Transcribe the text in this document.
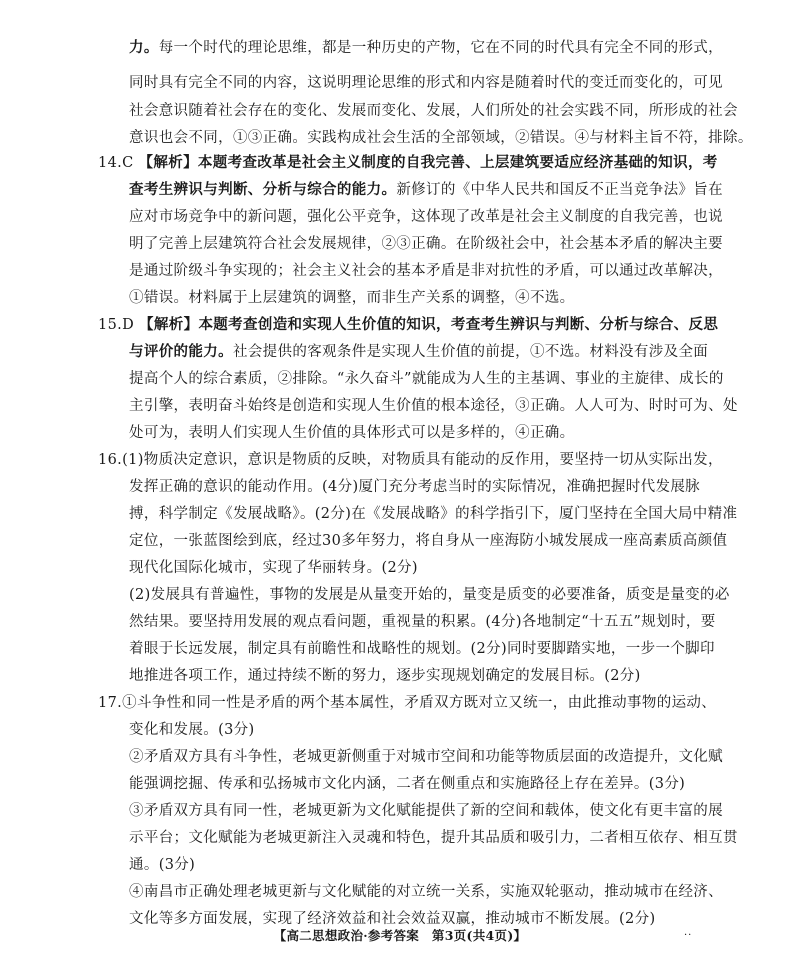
力。每一个时代的理论思维，都是一种历史的产物，它在不同的时代具有完全不同的形式，
同时具有完全不同的内容，这说明理论思维的形式和内容是随着时代的变迁而变化的，可见
社会意识随着社会存在的变化、发展而变化、发展，人们所处的社会实践不同，所形成的社会
意识也会不同，①③正确。实践构成社会生活的全部领域，②错误。④与材料主旨不符，排除。
14.C 【解析】本题考查改革是社会主义制度的自我完善、上层建筑要适应经济基础的知识，考
查考生辨识与判断、分析与综合的能力。新修订的《中华人民共和国反不正当竞争法》旨在
应对市场竞争中的新问题，强化公平竞争，这体现了改革是社会主义制度的自我完善，也说
明了完善上层建筑符合社会发展规律，②③正确。在阶级社会中，社会基本矛盾的解决主要
是通过阶级斗争实现的；社会主义社会的基本矛盾是非对抗性的矛盾，可以通过改革解决，
①错误。材料属于上层建筑的调整，而非生产关系的调整，④不选。
15.D 【解析】本题考查创造和实现人生价值的知识，考查考生辨识与判断、分析与综合、反思
与评价的能力。社会提供的客观条件是实现人生价值的前提，①不选。材料没有涉及全面
提高个人的综合素质，②排除。“永久奋斗”就能成为人生的主基调、事业的主旋律、成长的
主引擎，表明奋斗始终是创造和实现人生价值的根本途径，③正确。人人可为、时时可为、处
处可为，表明人们实现人生价值的具体形式可以是多样的，④正确。
16.(1)物质决定意识，意识是物质的反映，对物质具有能动的反作用，要坚持一切从实际出发，
发挥正确的意识的能动作用。(4分)厦门充分考虑当时的实际情况，准确把握时代发展脉
搏，科学制定《发展战略》。(2分)在《发展战略》的科学指引下，厦门坚持在全国大局中精准
定位，一张蓝图绘到底，经过30多年努力，将自身从一座海防小城发展成一座高素质高颜值
现代化国际化城市，实现了华丽转身。(2分)
(2)发展具有普遍性，事物的发展是从量变开始的，量变是质变的必要准备，质变是量变的必
然结果。要坚持用发展的观点看问题，重视量的积累。(4分)各地制定“十五五”规划时，要
着眼于长远发展，制定具有前瞻性和战略性的规划。(2分)同时要脚踏实地，一步一个脚印
地推进各项工作，通过持续不断的努力，逐步实现规划确定的发展目标。(2分)
17.①斗争性和同一性是矛盾的两个基本属性，矛盾双方既对立又统一，由此推动事物的运动、
变化和发展。(3分)
②矛盾双方具有斗争性，老城更新侧重于对城市空间和功能等物质层面的改造提升，文化赋
能强调挖掘、传承和弘扬城市文化内涵，二者在侧重点和实施路径上存在差异。(3分)
③矛盾双方具有同一性，老城更新为文化赋能提供了新的空间和载体，使文化有更丰富的展
示平台；文化赋能为老城更新注入灵魂和特色，提升其品质和吸引力，二者相互依存、相互贯
通。(3分)
④南昌市正确处理老城更新与文化赋能的对立统一关系，实施双轮驱动，推动城市在经济、
文化等多方面发展，实现了经济效益和社会效益双赢，推动城市不断发展。(2分)
【高二思想政治·参考答案　第3页(共4页)】	··
